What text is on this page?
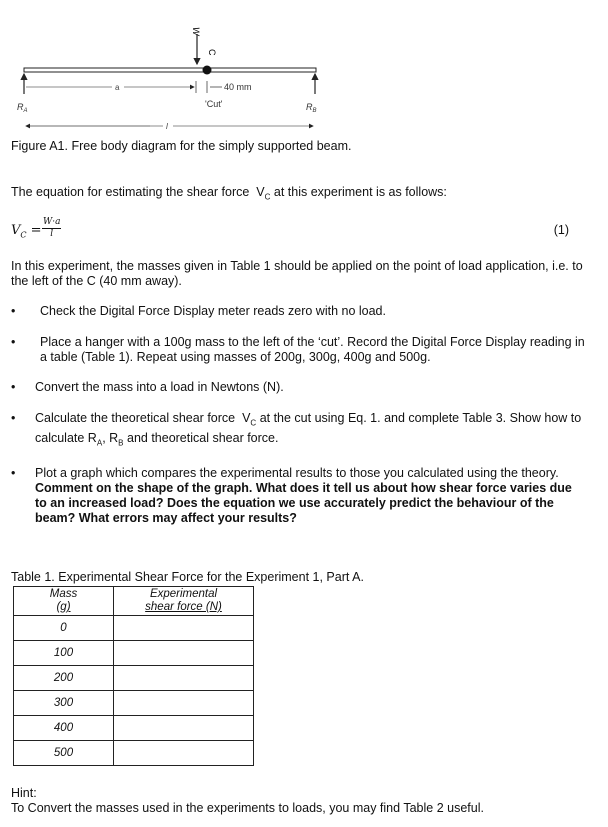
W
C
a	40 mm
'Cut'
$R_A$	$R_B$
l
Figure A1. Free body diagram for the simply supported beam.
The equation for estimating the shear force $V_C$ at this experiment is as follows:
$V_C = \frac{W\cdot a}{l}$	(1)
In this experiment, the masses given in Table 1 should be applied on the point of load application, i.e. to the left of the C (40 mm away).
•	Check the Digital Force Display meter reads zero with no load.
•	Place a hanger with a 100g mass to the left of the ‘cut’. Record the Digital Force Display reading in a table (Table 1). Repeat using masses of 200g, 300g, 400g and 500g.
•	Convert the mass into a load in Newtons (N).
•	Calculate the theoretical shear force $V_C$ at the cut using Eq. 1. and complete Table 3. Show how to calculate $R_A$, $R_B$ and theoretical shear force.
•	Plot a graph which compares the experimental results to those you calculated using the theory. Comment on the shape of the graph. What does it tell us about how shear force varies due to an increased load? Does the equation we use accurately predict the behaviour of the beam? What errors may affect your results?
Table 1. Experimental Shear Force for the Experiment 1, Part A.
Mass
(g)	Experimental
shear force (N)
0	
100	
200	
300	
400	
500	
Hint:
To Convert the masses used in the experiments to loads, you may find Table 2 useful.
